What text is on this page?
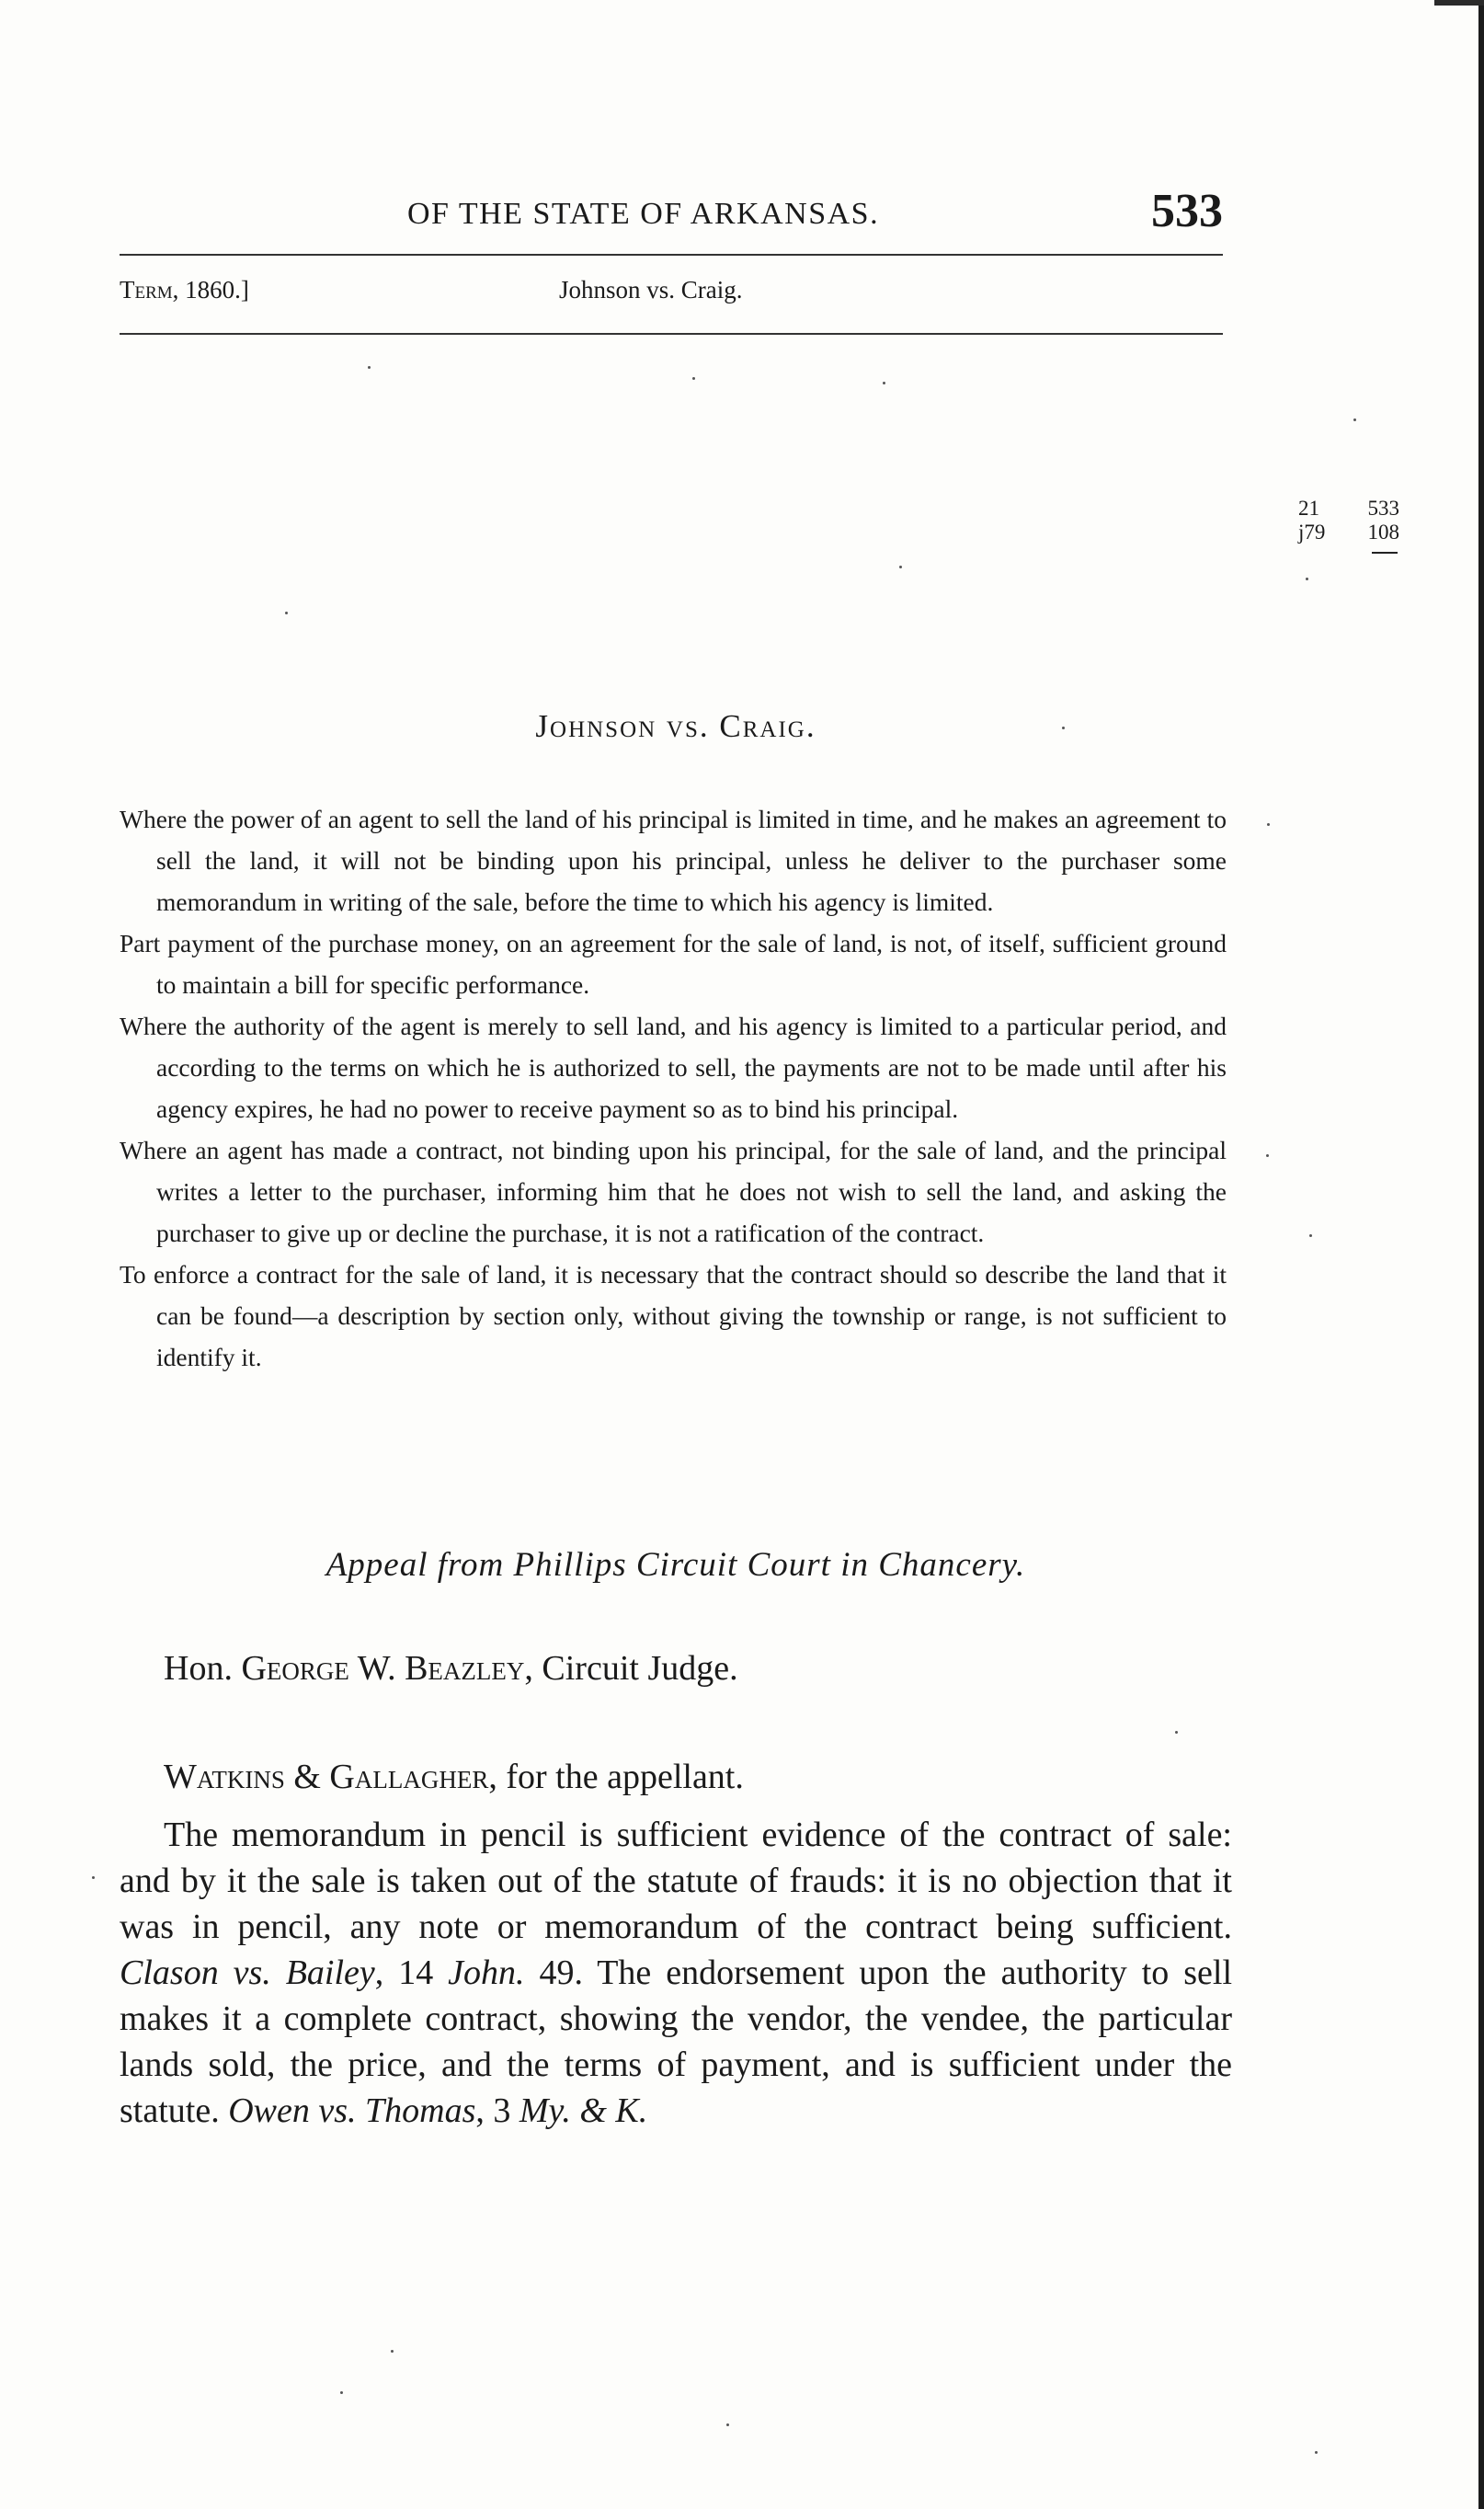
OF THE STATE OF ARKANSAS.	533
Term, 1860.]	Johnson vs. Craig.
21 533
j79 108
Johnson vs. Craig.

Where the power of an agent to sell the land of his principal is limited in time, and he makes an agreement to sell the land, it will not be binding upon his principal, unless he deliver to the purchaser some memorandum in writing of the sale, before the time to which his agency is limited.

Part payment of the purchase money, on an agreement for the sale of land, is not, of itself, sufficient ground to maintain a bill for specific performance.

Where the authority of the agent is merely to sell land, and his agency is limited to a particular period, and according to the terms on which he is authorized to sell, the payments are not to be made until after his agency expires, he had no power to receive payment so as to bind his principal.

Where an agent has made a contract, not binding upon his principal, for the sale of land, and the principal writes a letter to the purchaser, informing him that he does not wish to sell the land, and asking the purchaser to give up or decline the purchase, it is not a ratification of the contract.

To enforce a contract for the sale of land, it is necessary that the contract should so describe the land that it can be found—a description by section only, without giving the township or range, is not sufficient to identify it.

Appeal from Phillips Circuit Court in Chancery.
Hon. George W. Beazley, Circuit Judge.
Watkins & Gallagher, for the appellant.
The memorandum in pencil is sufficient evidence of the contract of sale: and by it the sale is taken out of the statute of frauds: it is no objection that it was in pencil, any note or memorandum of the contract being sufficient. Clason vs. Bailey, 14 John. 49. The endorsement upon the authority to sell makes it a complete contract, showing the vendor, the vendee, the particular lands sold, the price, and the terms of payment, and is sufficient under the statute. Owen vs. Thomas, 3 My. & K.
